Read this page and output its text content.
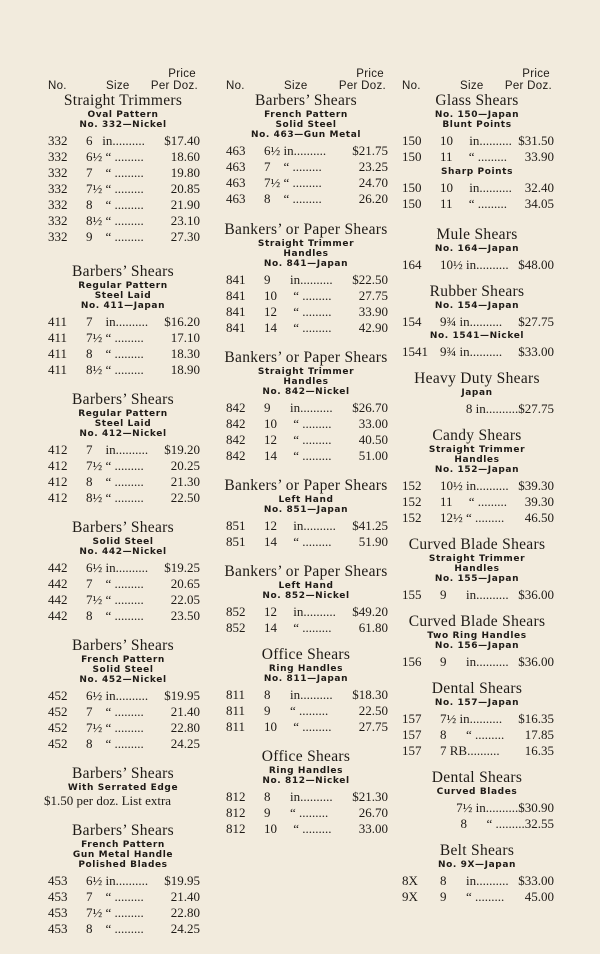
No.	Size
Price
Per Doz.
Straight Trimmers
Oval Pattern
No. 332—Nickel
332	6   in..........	$17.40
332	6½ “ .........	18.60
332	7    “ .........	19.80
332	7½ “ .........	20.85
332	8    “ .........	21.90
332	8½ “ .........	23.10
332	9    “ .........	27.30
Barbers’ Shears
Regular Pattern
Steel Laid
No. 411—Japan
411	7    in..........	$16.20
411	7½ “ .........	17.10
411	8    “ .........	18.30
411	8½ “ .........	18.90
Barbers’ Shears
Regular Pattern
Steel Laid
No. 412—Nickel
412	7    in..........	$19.20
412	7½ “ .........	20.25
412	8    “ .........	21.30
412	8½ “ .........	22.50
Barbers’ Shears
Solid Steel
No. 442—Nickel
442	6½ in..........	$19.25
442	7    “ .........	20.65
442	7½ “ .........	22.05
442	8    “ .........	23.50
Barbers’ Shears
French Pattern
Solid Steel
No. 452—Nickel
452	6½ in..........	$19.95
452	7    “ .........	21.40
452	7½ “ .........	22.80
452	8    “ .........	24.25
Barbers’ Shears
With Serrated Edge
$1.50 per doz. List extra
Barbers’ Shears
French Pattern
Gun Metal Handle
Polished Blades
453	6½ in..........	$19.95
453	7    “ .........	21.40
453	7½ “ .........	22.80
453	8    “ .........	24.25
No.	Size
Price
Per Doz.
Barbers’ Shears
French Pattern
Solid Steel
No. 463—Gun Metal
463	6½ in..........	$21.75
463	7    “ .........	23.25
463	7½ “ .........	24.70
463	8    “ .........	26.20
Bankers’ or Paper Shears
Straight Trimmer
Handles
No. 841—Japan
841	9      in..........	$22.50
841	10     “ .........	27.75
841	12     “ .........	33.90
841	14     “ .........	42.90
Bankers’ or Paper Shears
Straight Trimmer
Handles
No. 842—Nickel
842	9      in..........	$26.70
842	10     “ .........	33.00
842	12     “ .........	40.50
842	14     “ .........	51.00
Bankers’ or Paper Shears
Left Hand
No. 851—Japan
851	12     in..........	$41.25
851	14     “ .........	51.90
Bankers’ or Paper Shears
Left Hand
No. 852—Nickel
852	12     in..........	$49.20
852	14     “ .........	61.80
Office Shears
Ring Handles
No. 811—Japan
811	8      in..........	$18.30
811	9      “ .........	22.50
811	10     “ .........	27.75
Office Shears
Ring Handles
No. 812—Nickel
812	8      in..........	$21.30
812	9      “ .........	26.70
812	10     “ .........	33.00
No.	Size
Price
Per Doz.
Glass Shears
No. 150—Japan
Blunt Points
150	10     in.......... $31.50
150	11     “ .........	33.90
Sharp Points
150	10     in.......... 32.40
150	11     “ .........	34.05
Mule Shears
No. 164—Japan
164	10½ in.......... $48.00
Rubber Shears
No. 154—Japan
154	9¾ in..........	$27.75
No. 1541—Nickel
1541 9¾ in..........	$33.00
Heavy Duty Shears
Japan
8 in.......... $27.75
Candy Shears
Straight Trimmer
Handles
No. 152—Japan
152	10½ in.......... $39.30
152	11     “ .........	39.30
152	12½ “ .........	46.50
Curved Blade Shears
Straight Trimmer
Handles
No. 155—Japan
155	9      in.......... $36.00
Curved Blade Shears
Two Ring Handles
No. 156—Japan
156	9      in.......... $36.00
Dental Shears
No. 157—Japan
157	7½ in..........	$16.35
157	8      “ .........	17.85
157	7 RB..........	16.35
Dental Shears
Curved Blades
7½ in.......... $30.90
8      “ ......... 32.55
Belt Shears
No. 9X—Japan
8X	8      in.......... $33.00
9X	9      “ .........	45.00
